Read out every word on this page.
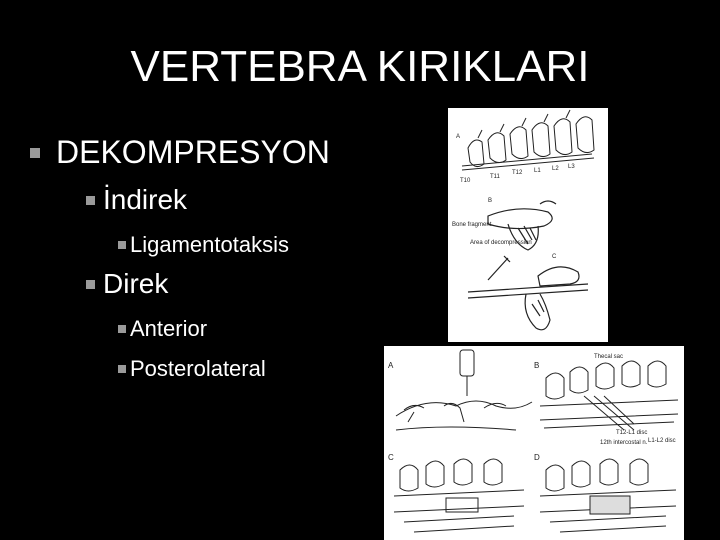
VERTEBRA KIRIKLARI
DEKOMPRESYON
İndirek
Ligamentotaksis
Direk
Anterior
Posterolateral
A
T11
T12 L1 L2 L3
T10
B
Bone fragment
Area of decompression
C
A	B
C	D
Thecal sac
T12-L1 disc
12th intercostal n. L1-L2 disc
